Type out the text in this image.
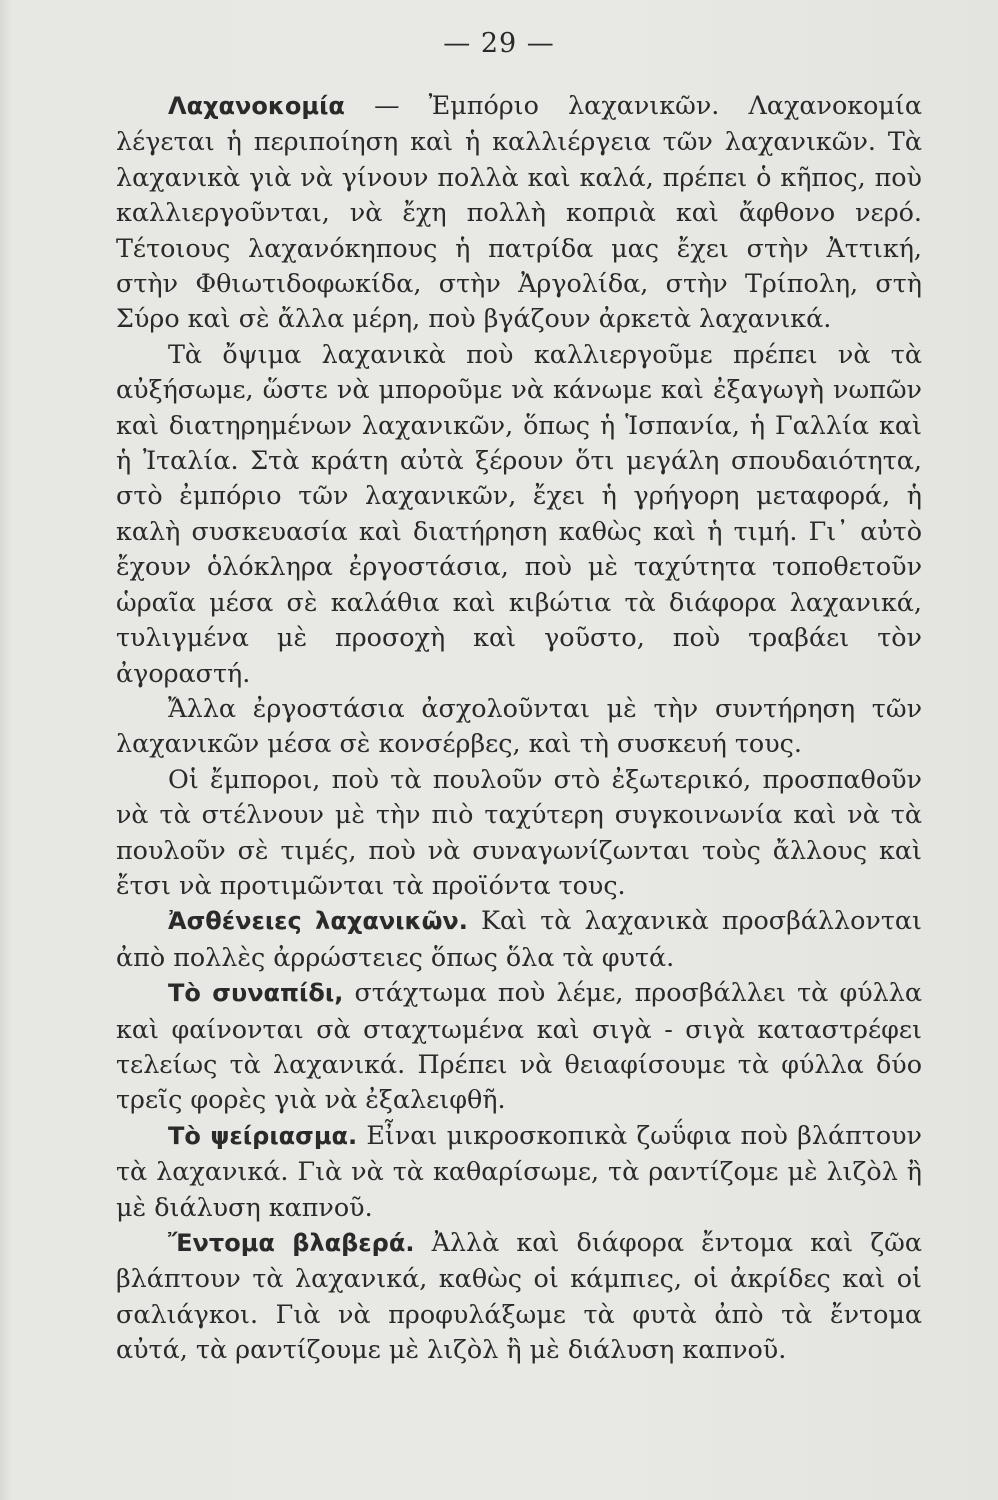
— 29 —

Λαχανοκομία — Ἐμπόριο λαχανικῶν. Λαχανοκομία λέγεται ἡ περιποίηση καὶ ἡ καλλιέργεια τῶν λαχανικῶν. Τὰ λαχανικὰ γιὰ νὰ γίνουν πολλὰ καὶ καλά, πρέπει ὁ κῆπος, ποὺ καλλιεργοῦνται, νὰ ἔχη πολλὴ κοπριὰ καὶ ἄφθονο νερό. Τέτοιους λαχανόκηπους ἡ πατρίδα μας ἔχει στὴν Ἀττική, στὴν Φθιωτιδοφωκίδα, στὴν Ἀργολίδα, στὴν Τρίπολη, στὴ Σύρο καὶ σὲ ἄλλα μέρη, ποὺ βγάζουν ἀρκετὰ λαχανικά.

Τὰ ὄψιμα λαχανικὰ ποὺ καλλιεργοῦμε πρέπει νὰ τὰ αὐξήσωμε, ὥστε νὰ μποροῦμε νὰ κάνωμε καὶ ἐξαγωγὴ νωπῶν καὶ διατηρημένων λαχανικῶν, ὅπως ἡ Ἱσπανία, ἡ Γαλλία καὶ ἡ Ἰταλία. Στὰ κράτη αὐτὰ ξέρουν ὅτι μεγάλη σπουδαιότητα, στὸ ἐμπόριο τῶν λαχανικῶν, ἔχει ἡ γρήγορη μεταφορά, ἡ καλὴ συσκευασία καὶ διατήρηση καθὼς καὶ ἡ τιμή. Γι᾿ αὐτὸ ἔχουν ὁλόκληρα ἐργοστάσια, ποὺ μὲ ταχύτητα τοποθετοῦν ὡραῖα μέσα σὲ καλάθια καὶ κιβώτια τὰ διάφορα λαχανικά, τυλιγμένα μὲ προσοχὴ καὶ γοῦστο, ποὺ τραβάει τὸν ἀγοραστή.

Ἄλλα ἐργοστάσια ἀσχολοῦνται μὲ τὴν συντήρηση τῶν λαχανικῶν μέσα σὲ κονσέρβες, καὶ τὴ συσκευή τους.

Οἱ ἔμποροι, ποὺ τὰ πουλοῦν στὸ ἐξωτερικό, προσπαθοῦν νὰ τὰ στέλνουν μὲ τὴν πιὸ ταχύτερη συγκοινωνία καὶ νὰ τὰ πουλοῦν σὲ τιμές, ποὺ νὰ συναγωνίζωνται τοὺς ἄλλους καὶ ἔτσι νὰ προτιμῶνται τὰ προϊόντα τους.

Ἀσθένειες λαχανικῶν. Καὶ τὰ λαχανικὰ προσβάλλονται ἀπὸ πολλὲς ἀρρώστειες ὅπως ὅλα τὰ φυτά.

Τὸ συναπίδι, στάχτωμα ποὺ λέμε, προσβάλλει τὰ φύλλα καὶ φαίνονται σὰ σταχτωμένα καὶ σιγὰ - σιγὰ καταστρέφει τελείως τὰ λαχανικά. Πρέπει νὰ θειαφίσουμε τὰ φύλλα δύο τρεῖς φορὲς γιὰ νὰ ἐξαλειφθῆ.

Τὸ ψείριασμα. Εἶναι μικροσκοπικὰ ζωΰφια ποὺ βλάπτουν τὰ λαχανικά. Γιὰ νὰ τὰ καθαρίσωμε, τὰ ραντίζομε μὲ λιζὸλ ἢ μὲ διάλυση καπνοῦ.

Ἔντομα βλαβερά. Ἀλλὰ καὶ διάφορα ἔντομα καὶ ζῶα βλάπτουν τὰ λαχανικά, καθὼς οἱ κάμπιες, οἱ ἀκρίδες καὶ οἱ σαλιάγκοι. Γιὰ νὰ προφυλάξωμε τὰ φυτὰ ἀπὸ τὰ ἔντομα αὐτά, τὰ ραντίζουμε μὲ λιζὸλ ἢ μὲ διάλυση καπνοῦ.
